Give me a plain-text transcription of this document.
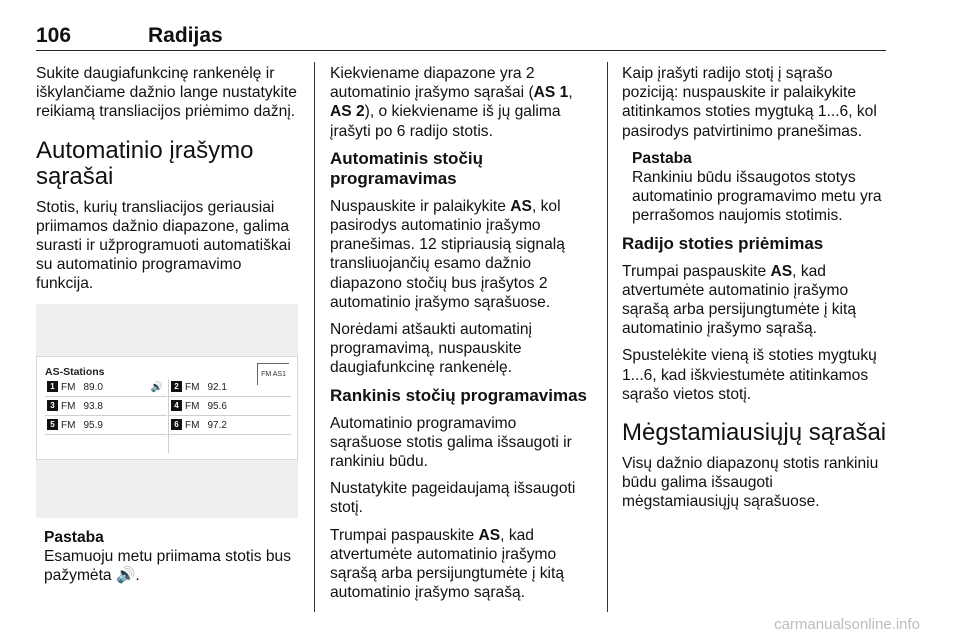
106	Radijas

Sukite daugiafunkcinę rankenėlę ir iškylančiame dažnio lange nustatykite reikiamą transliacijos priėmimo dažnį.

Automatinio įrašymo sąrašai

Stotis, kurių transliacijos geriausiai priimamos dažnio diapazone, galima surasti ir užprogramuoti automatiškai su automatinio programavimo funkcija.

AS-Stations	FM AS1
1 FM 89.0	🔊	2 FM 92.1
3 FM 93.8	4 FM 95.6
5 FM 95.9	6 FM 97.2
Pastaba
Esamuoju metu priimama stotis bus pažymėta 🔊.

Kiekviename diapazone yra 2 automatinio įrašymo sąrašai (AS 1, AS 2), o kiekviename iš jų galima įrašyti po 6 radijo stotis.

Automatinis stočių programavimas

Nuspauskite ir palaikykite AS, kol pasirodys automatinio įrašymo pranešimas. 12 stipriausią signalą transliuojančių esamo dažnio diapazono stočių bus įrašytos 2 automatinio įrašymo sąrašuose.

Norėdami atšaukti automatinį programavimą, nuspauskite daugiafunkcinę rankenėlę.

Rankinis stočių programavimas

Automatinio programavimo sąrašuose stotis galima išsaugoti ir rankiniu būdu.

Nustatykite pageidaujamą išsaugoti stotį.

Trumpai paspauskite AS, kad atvertumėte automatinio įrašymo sąrašą arba persijungtumėte į kitą automatinio įrašymo sąrašą.

Kaip įrašyti radijo stotį į sąrašo poziciją: nuspauskite ir palaikykite atitinkamos stoties mygtuką 1...6, kol pasirodys patvirtinimo pranešimas.

Pastaba
Rankiniu būdu išsaugotos stotys automatinio programavimo metu yra perrašomos naujomis stotimis.
Radijo stoties priėmimas

Trumpai paspauskite AS, kad atvertumėte automatinio įrašymo sąrašą arba persijungtumėte į kitą automatinio įrašymo sąrašą.

Spustelėkite vieną iš stoties mygtukų 1...6, kad iškviestumėte atitinkamos sąrašo vietos stotį.

Mėgstamiausiųjų sąrašai

Visų dažnio diapazonų stotis rankiniu būdu galima išsaugoti mėgstamiausiųjų sąrašuose.

carmanualsonline.info
